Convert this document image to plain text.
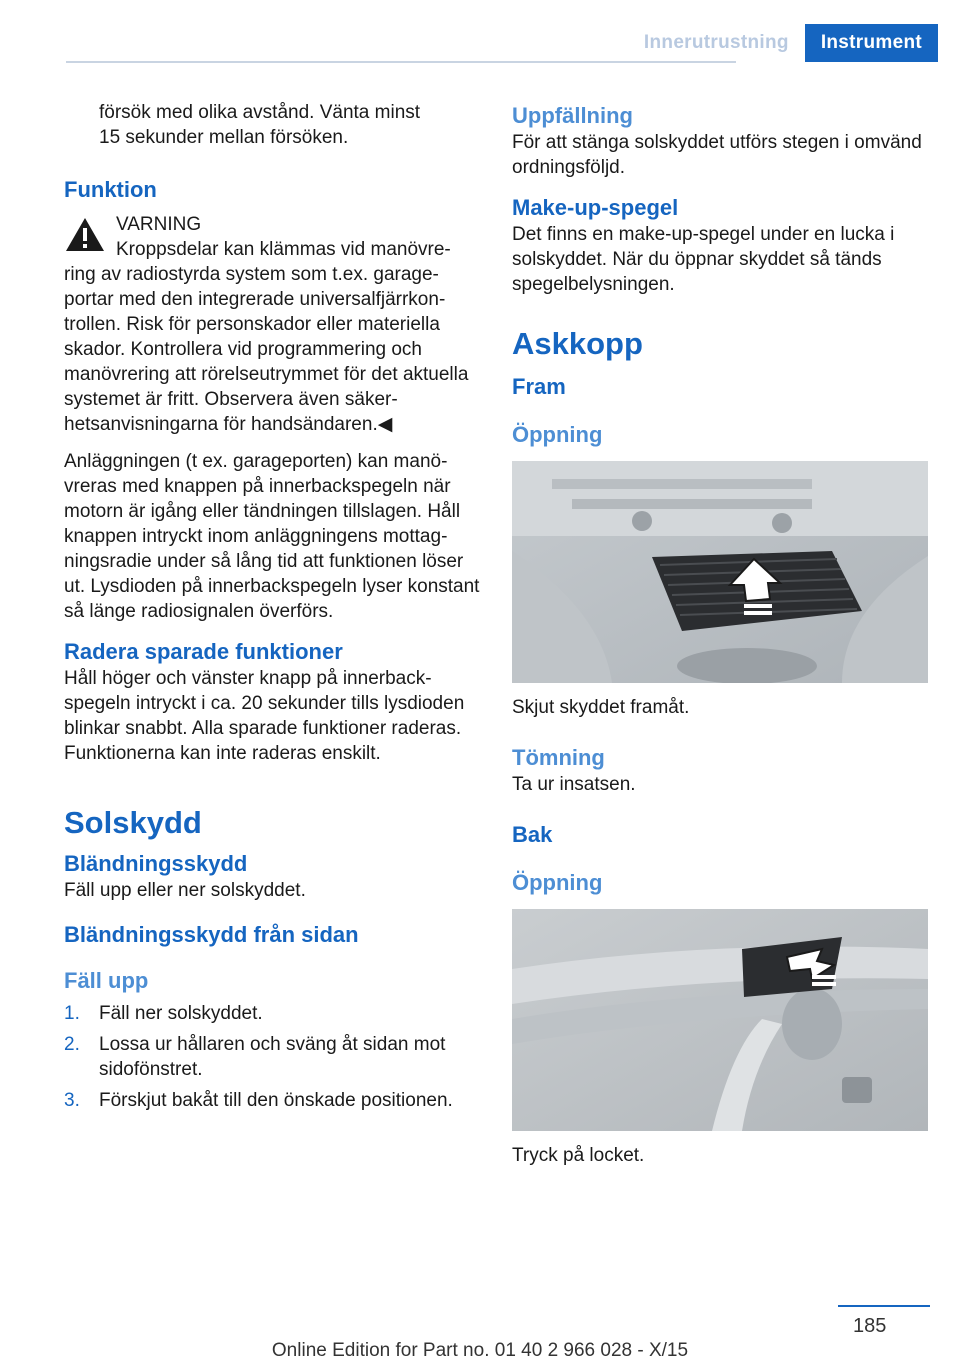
Innerutrustning	Instrument

försök med olika avstånd. Vänta minst 15 sekunder mellan försöken.

Funktion

VARNING

Kroppsdelar kan klämmas vid manövre-

ring av radiostyrda system som t.ex. garageportar med den integrerade universalfjärrkontrollen. Risk för personskador eller materiella skador. Kontrollera vid programmering och manövrering att rörelseutrymmet för det aktuella systemet är fritt. Observera även säkerhetsanvisningarna för handsändaren.◀

Anläggningen (t ex. garageporten) kan manövreras med knappen på innerbackspegeln när motorn är igång eller tändningen tillslagen. Håll knappen intryckt inom anläggningens mottagningsradie under så lång tid att funktionen löser ut. Lysdioden på innerbackspegeln lyser konstant så länge radiosignalen överförs.

Radera sparade funktioner

Håll höger och vänster knapp på innerbackspegeln intryckt i ca. 20 sekunder tills lysdioden blinkar snabbt. Alla sparade funktioner raderas. Funktionerna kan inte raderas enskilt.

Solskydd
Bländningsskydd

Fäll upp eller ner solskyddet.

Bländningsskydd från sidan
Fäll upp
1.	Fäll ner solskyddet.
2.	Lossa ur hållaren och sväng åt sidan mot sidofönstret.
3.	Förskjut bakåt till den önskade positionen.
Uppfällning

För att stänga solskyddet utförs stegen i omvänd ordningsföljd.

Make-up-spegel

Det finns en make-up-spegel under en lucka i solskyddet. När du öppnar skyddet så tänds spegelbelysningen.

Askkopp
Fram
Öppning

Skjut skyddet framåt.

Tömning

Ta ur insatsen.

Bak
Öppning

Tryck på locket.

185
Online Edition for Part no. 01 40 2 966 028 - X/15
